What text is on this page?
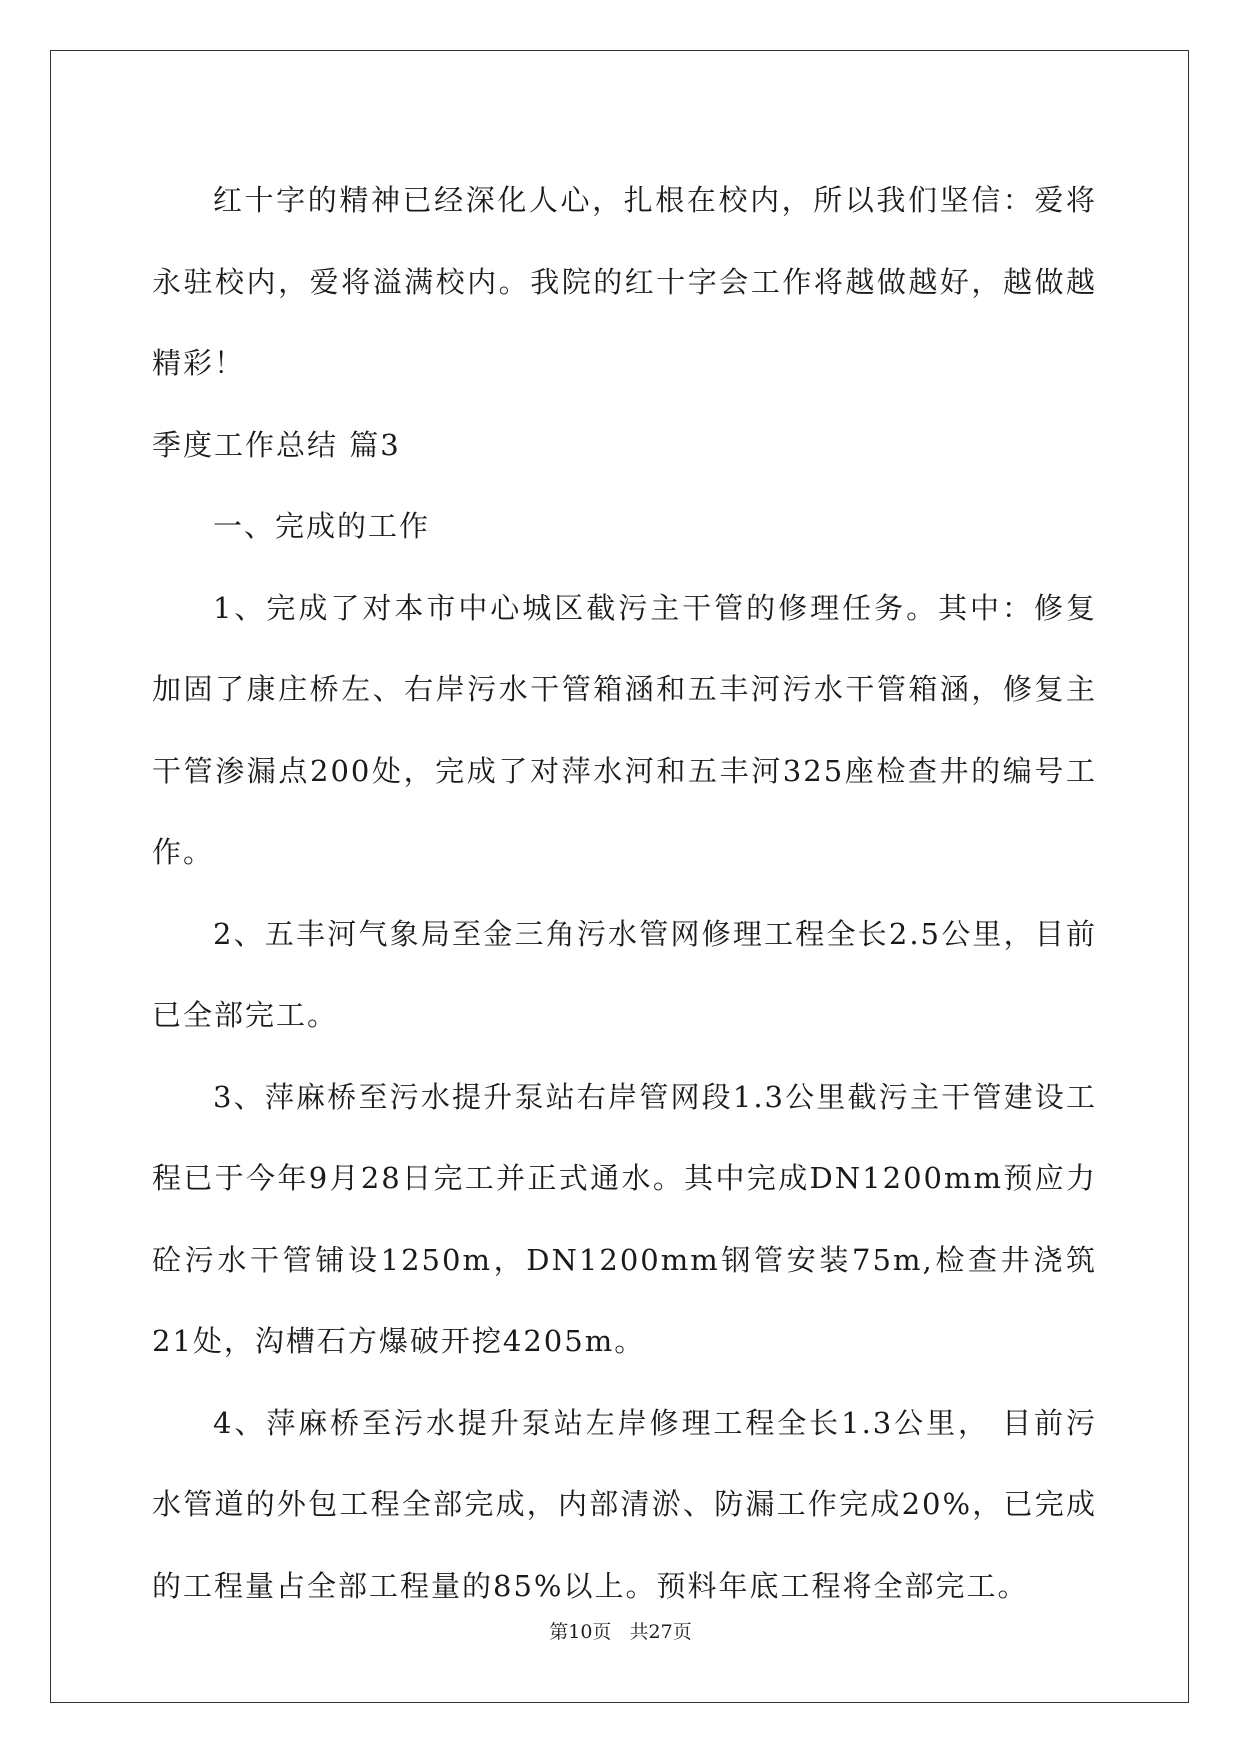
红十字的精神已经深化人心，扎根在校内，所以我们坚信：爱将永驻校内，爱将溢满校内。我院的红十字会工作将越做越好，越做越精彩！

季度工作总结 篇3

一、完成的工作

1、完成了对本市中心城区截污主干管的修理任务。其中：修复加固了康庄桥左、右岸污水干管箱涵和五丰河污水干管箱涵，修复主干管渗漏点200处，完成了对萍水河和五丰河325座检查井的编号工作。

2、五丰河气象局至金三角污水管网修理工程全长2.5公里，目前已全部完工。

3、萍麻桥至污水提升泵站右岸管网段1.3公里截污主干管建设工程已于今年9月28日完工并正式通水。其中完成DN1200mm预应力砼污水干管铺设1250m，DN1200mm钢管安装75m,检查井浇筑21处，沟槽石方爆破开挖4205m。

4、萍麻桥至污水提升泵站左岸修理工程全长1.3公里， 目前污水管道的外包工程全部完成，内部清淤、防漏工作完成20%，已完成的工程量占全部工程量的85%以上。预料年底工程将全部完工。

第10页   共27页
